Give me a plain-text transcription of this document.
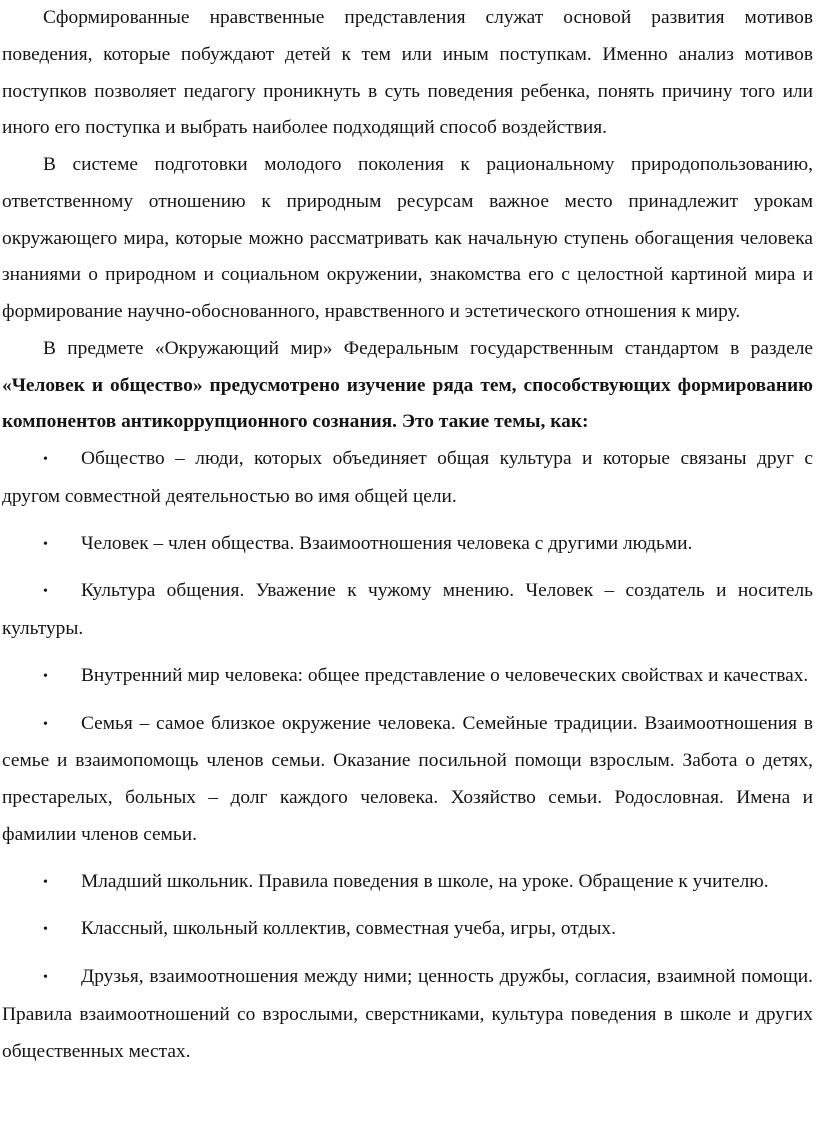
Сформированные нравственные представления служат основой развития мотивов поведения, которые побуждают детей к тем или иным поступкам. Именно анализ мотивов поступков позволяет педагогу проникнуть в суть поведения ребенка, понять причину того или иного его поступка и выбрать наиболее подходящий способ воздействия.

В системе подготовки молодого поколения к рациональному природопользованию, ответственному отношению к природным ресурсам важное место принадлежит урокам окружающего мира, которые можно рассматривать как начальную ступень обогащения человека знаниями о природном и социальном окружении, знакомства его с целостной картиной мира и формирование научно-обоснованного, нравственного и эстетического отношения к миру.

В предмете «Окружающий мир» Федеральным государственным стандартом в разделе «Человек и общество» предусмотрено изучение ряда тем, способствующих формированию компонентов антикоррупционного сознания. Это такие темы, как:

• Общество – люди, которых объединяет общая культура и которые связаны друг с другом совместной деятельностью во имя общей цели.

• Человек – член общества. Взаимоотношения человека с другими людьми.

• Культура общения. Уважение к чужому мнению. Человек – создатель и носитель культуры.

• Внутренний мир человека: общее представление о человеческих свойствах и качествах.

• Семья – самое близкое окружение человека. Семейные традиции. Взаимоотношения в семье и взаимопомощь членов семьи. Оказание посильной помощи взрослым. Забота о детях, престарелых, больных – долг каждого человека. Хозяйство семьи. Родословная. Имена и фамилии членов семьи.

• Младший школьник. Правила поведения в школе, на уроке. Обращение к учителю.

• Классный, школьный коллектив, совместная учеба, игры, отдых.

• Друзья, взаимоотношения между ними; ценность дружбы, согласия, взаимной помощи. Правила взаимоотношений со взрослыми, сверстниками, культура поведения в школе и других общественных местах.
